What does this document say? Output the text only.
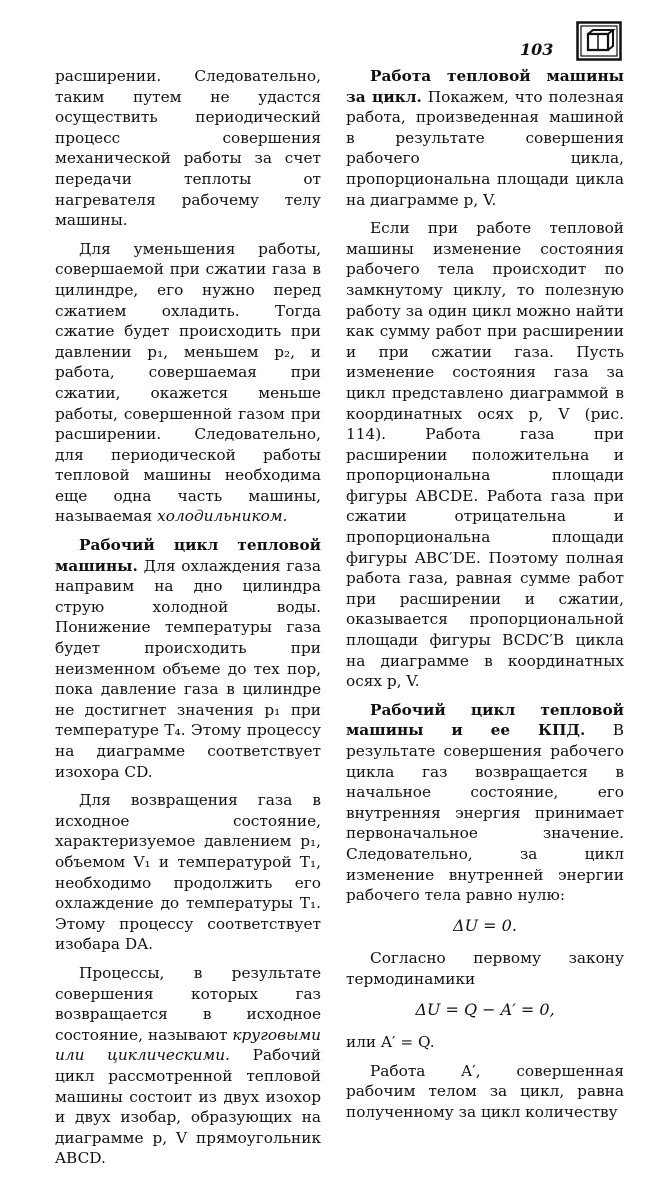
103

расширении. Следовательно, таким путем не удастся осуществить периодический процесс совершения механической работы за счет передачи теплоты от нагревателя рабочему телу машины.

Для уменьшения работы, совершаемой при сжатии газа в цилиндре, его нужно перед сжатием охладить. Тогда сжатие будет происходить при давлении p₁, меньшем p₂, и работа, совершаемая при сжатии, окажется меньше работы, совершенной газом при расширении. Следовательно, для периодической работы тепловой машины необходима еще одна часть машины, называемая холодильником.

Рабочий цикл тепловой машины. Для охлаждения газа направим на дно цилиндра струю холодной воды. Понижение температуры газа будет происходить при неизменном объеме до тех пор, пока давление газа в цилиндре не достигнет значения p₁ при температуре T₄. Этому процессу на диаграмме соответствует изохора CD.

Для возвращения газа в исходное состояние, характеризуемое давлением p₁, объемом V₁ и температурой T₁, необходимо продолжить его охлаждение до температуры T₁. Этому процессу соответствует изобара DA.

Процессы, в результате совершения которых газ возвращается в исходное состояние, называют круговыми или циклическими. Рабочий цикл рассмотренной тепловой машины состоит из двух изохор и двух изобар, образующих на диаграмме p, V прямоугольник ABCD.

Работа тепловой машины за цикл. Покажем, что полезная работа, произведенная машиной в результате совершения рабочего цикла, пропорциональна площади цикла на диаграмме p, V.

Если при работе тепловой машины изменение состояния рабочего тела происходит по замкнутому циклу, то полезную работу за один цикл можно найти как сумму работ при расширении и при сжатии газа. Пусть изменение состояния газа за цикл представлено диаграммой в координатных осях p, V (рис. 114). Работа газа при расширении положительна и пропорциональна площади фигуры ABCDE. Работа газа при сжатии отрицательна и пропорциональна площади фигуры ABC′DE. Поэтому полная работа газа, равная сумме работ при расширении и сжатии, оказывается пропорциональной площади фигуры BCDC′B цикла на диаграмме в координатных осях p, V.

Рабочий цикл тепловой машины и ее КПД. В результате совершения рабочего цикла газ возвращается в начальное состояние, его внутренняя энергия принимает первоначальное значение. Следовательно, за цикл изменение внутренней энергии рабочего тела равно нулю:

ΔU = 0.

Согласно первому закону термодинамики

ΔU = Q − A′ = 0,

или A′ = Q.

Работа A′, совершенная рабочим телом за цикл, равна полученному за цикл количеству
